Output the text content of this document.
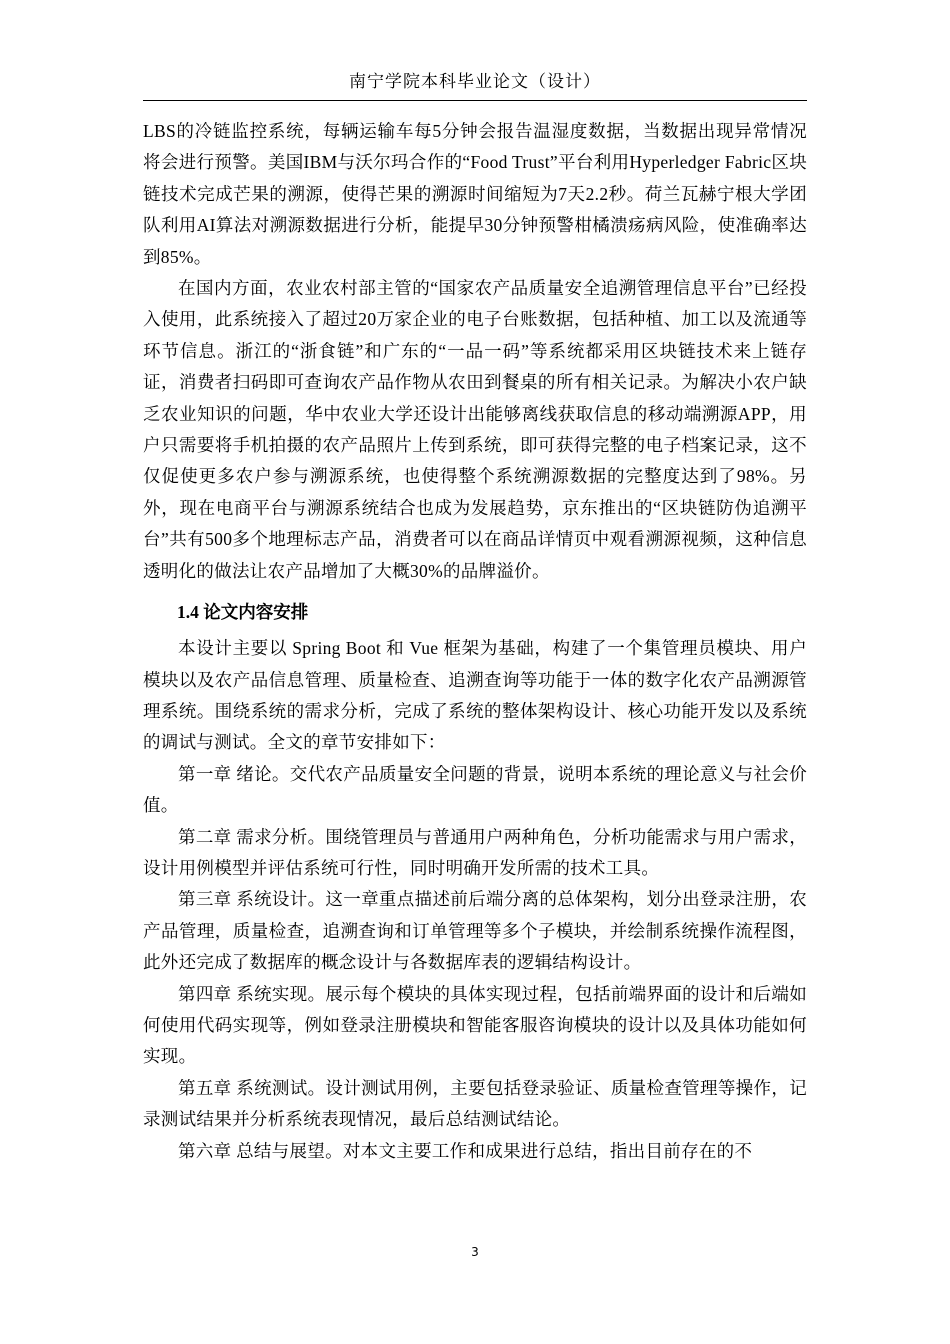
南宁学院本科毕业论文（设计）

LBS的冷链监控系统，每辆运输车每5分钟会报告温湿度数据，当数据出现异常情况将会进行预警。美国IBM与沃尔玛合作的“Food Trust”平台利用Hyperledger Fabric区块链技术完成芒果的溯源，使得芒果的溯源时间缩短为7天2.2秒。荷兰瓦赫宁根大学团队利用AI算法对溯源数据进行分析，能提早30分钟预警柑橘溃疡病风险，使准确率达到85%。

在国内方面，农业农村部主管的“国家农产品质量安全追溯管理信息平台”已经投入使用，此系统接入了超过20万家企业的电子台账数据，包括种植、加工以及流通等环节信息。浙江的“浙食链”和广东的“一品一码”等系统都采用区块链技术来上链存证，消费者扫码即可查询农产品作物从农田到餐桌的所有相关记录。为解决小农户缺乏农业知识的问题，华中农业大学还设计出能够离线获取信息的移动端溯源APP，用户只需要将手机拍摄的农产品照片上传到系统，即可获得完整的电子档案记录，这不仅促使更多农户参与溯源系统，也使得整个系统溯源数据的完整度达到了98%。另外，现在电商平台与溯源系统结合也成为发展趋势，京东推出的“区块链防伪追溯平台”共有500多个地理标志产品，消费者可以在商品详情页中观看溯源视频，这种信息透明化的做法让农产品增加了大概30%的品牌溢价。

1.4 论文内容安排

本设计主要以 Spring Boot 和 Vue 框架为基础，构建了一个集管理员模块、用户模块以及农产品信息管理、质量检查、追溯查询等功能于一体的数字化农产品溯源管理系统。围绕系统的需求分析，完成了系统的整体架构设计、核心功能开发以及系统的调试与测试。全文的章节安排如下：

第一章 绪论。交代农产品质量安全问题的背景，说明本系统的理论意义与社会价值。

第二章 需求分析。围绕管理员与普通用户两种角色，分析功能需求与用户需求，设计用例模型并评估系统可行性，同时明确开发所需的技术工具。

第三章 系统设计。这一章重点描述前后端分离的总体架构，划分出登录注册，农产品管理，质量检查，追溯查询和订单管理等多个子模块，并绘制系统操作流程图，此外还完成了数据库的概念设计与各数据库表的逻辑结构设计。

第四章 系统实现。展示每个模块的具体实现过程，包括前端界面的设计和后端如何使用代码实现等，例如登录注册模块和智能客服咨询模块的设计以及具体功能如何实现。

第五章 系统测试。设计测试用例，主要包括登录验证、质量检查管理等操作，记录测试结果并分析系统表现情况，最后总结测试结论。

第六章 总结与展望。对本文主要工作和成果进行总结，指出目前存在的不

3
